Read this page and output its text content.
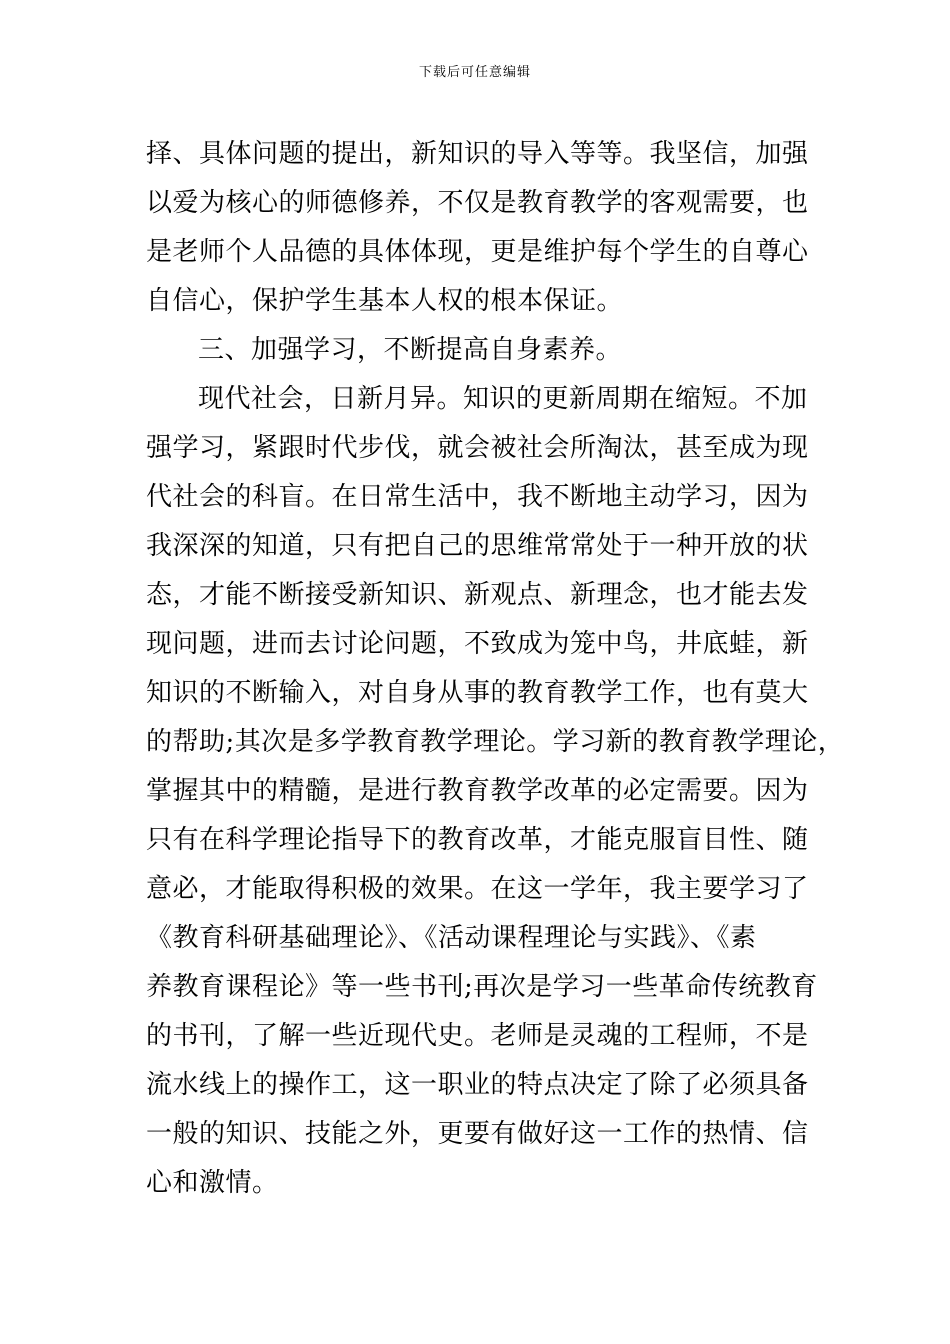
下载后可任意编辑
择、具体问题的提出，新知识的导入等等。我坚信，加强
以爱为核心的师德修养，不仅是教育教学的客观需要，也
是老师个人品德的具体体现，更是维护每个学生的自尊心
自信心，保护学生基本人权的根本保证。
三、加强学习，不断提高自身素养。
现代社会，日新月异。知识的更新周期在缩短。不加
强学习，紧跟时代步伐，就会被社会所淘汰，甚至成为现
代社会的科盲。在日常生活中，我不断地主动学习，因为
我深深的知道，只有把自己的思维常常处于一种开放的状
态，才能不断接受新知识、新观点、新理念，也才能去发
现问题，进而去讨论问题，不致成为笼中鸟，井底蛙，新
知识的不断输入，对自身从事的教育教学工作，也有莫大
的帮助;其次是多学教育教学理论。学习新的教育教学理论，
掌握其中的精髓，是进行教育教学改革的必定需要。因为
只有在科学理论指导下的教育改革，才能克服盲目性、随
意必，才能取得积极的效果。在这一学年，我主要学习了
《教育科研基础理论》、《活动课程理论与实践》、《素
养教育课程论》等一些书刊;再次是学习一些革命传统教育
的书刊，了解一些近现代史。老师是灵魂的工程师，不是
流水线上的操作工，这一职业的特点决定了除了必须具备
一般的知识、技能之外，更要有做好这一工作的热情、信
心和激情。
